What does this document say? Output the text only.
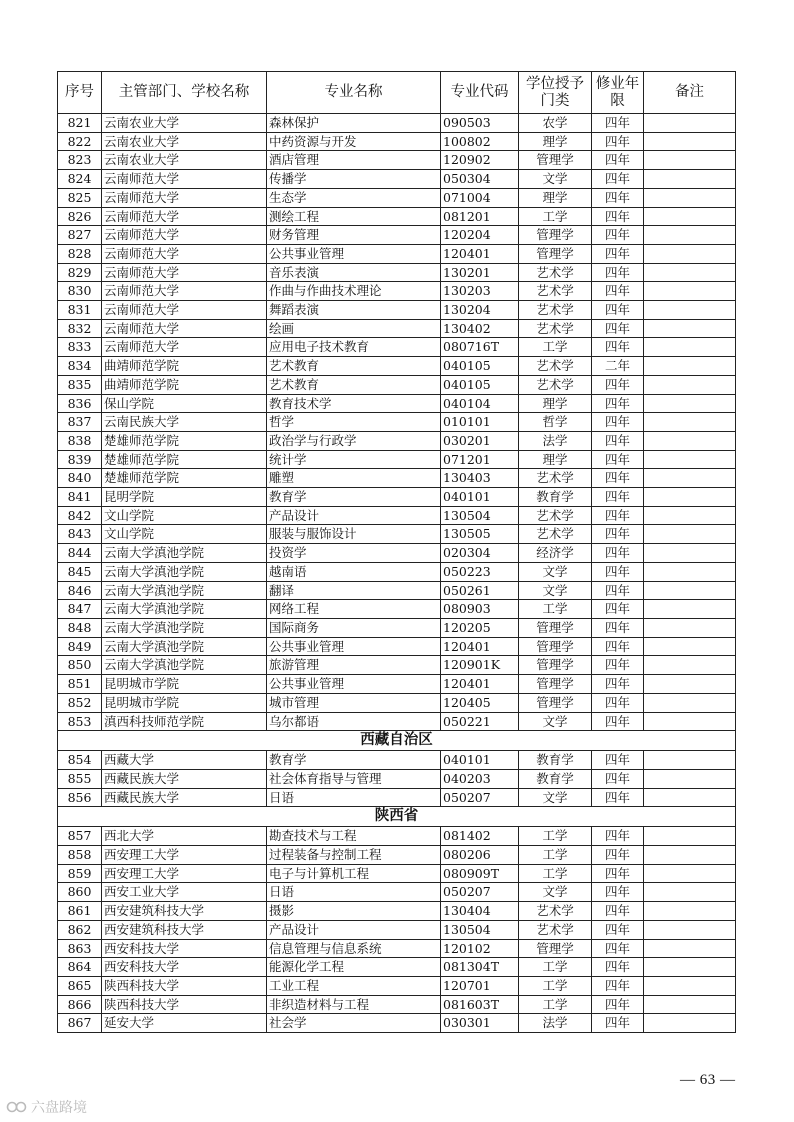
序号	主管部门、学校名称	专业名称	专业代码	学位授予门类	修业年限	备注
821	云南农业大学	森林保护	090503	农学	四年	
822	云南农业大学	中药资源与开发	100802	理学	四年	
823	云南农业大学	酒店管理	120902	管理学	四年	
824	云南师范大学	传播学	050304	文学	四年	
825	云南师范大学	生态学	071004	理学	四年	
826	云南师范大学	测绘工程	081201	工学	四年	
827	云南师范大学	财务管理	120204	管理学	四年	
828	云南师范大学	公共事业管理	120401	管理学	四年	
829	云南师范大学	音乐表演	130201	艺术学	四年	
830	云南师范大学	作曲与作曲技术理论	130203	艺术学	四年	
831	云南师范大学	舞蹈表演	130204	艺术学	四年	
832	云南师范大学	绘画	130402	艺术学	四年	
833	云南师范大学	应用电子技术教育	080716T	工学	四年	
834	曲靖师范学院	艺术教育	040105	艺术学	二年	
835	曲靖师范学院	艺术教育	040105	艺术学	四年	
836	保山学院	教育技术学	040104	理学	四年	
837	云南民族大学	哲学	010101	哲学	四年	
838	楚雄师范学院	政治学与行政学	030201	法学	四年	
839	楚雄师范学院	统计学	071201	理学	四年	
840	楚雄师范学院	雕塑	130403	艺术学	四年	
841	昆明学院	教育学	040101	教育学	四年	
842	文山学院	产品设计	130504	艺术学	四年	
843	文山学院	服装与服饰设计	130505	艺术学	四年	
844	云南大学滇池学院	投资学	020304	经济学	四年	
845	云南大学滇池学院	越南语	050223	文学	四年	
846	云南大学滇池学院	翻译	050261	文学	四年	
847	云南大学滇池学院	网络工程	080903	工学	四年	
848	云南大学滇池学院	国际商务	120205	管理学	四年	
849	云南大学滇池学院	公共事业管理	120401	管理学	四年	
850	云南大学滇池学院	旅游管理	120901K	管理学	四年	
851	昆明城市学院	公共事业管理	120401	管理学	四年	
852	昆明城市学院	城市管理	120405	管理学	四年	
853	滇西科技师范学院	乌尔都语	050221	文学	四年	
西藏自治区						
854	西藏大学	教育学	040101	教育学	四年	
855	西藏民族大学	社会体育指导与管理	040203	教育学	四年	
856	西藏民族大学	日语	050207	文学	四年	
陕西省						
857	西北大学	勘查技术与工程	081402	工学	四年	
858	西安理工大学	过程装备与控制工程	080206	工学	四年	
859	西安理工大学	电子与计算机工程	080909T	工学	四年	
860	西安工业大学	日语	050207	文学	四年	
861	西安建筑科技大学	摄影	130404	艺术学	四年	
862	西安建筑科技大学	产品设计	130504	艺术学	四年	
863	西安科技大学	信息管理与信息系统	120102	管理学	四年	
864	西安科技大学	能源化学工程	081304T	工学	四年	
865	陕西科技大学	工业工程	120701	工学	四年	
866	陕西科技大学	非织造材料与工程	081603T	工学	四年	
867	延安大学	社会学	030301	法学	四年	
— 63 —
六盘路境
